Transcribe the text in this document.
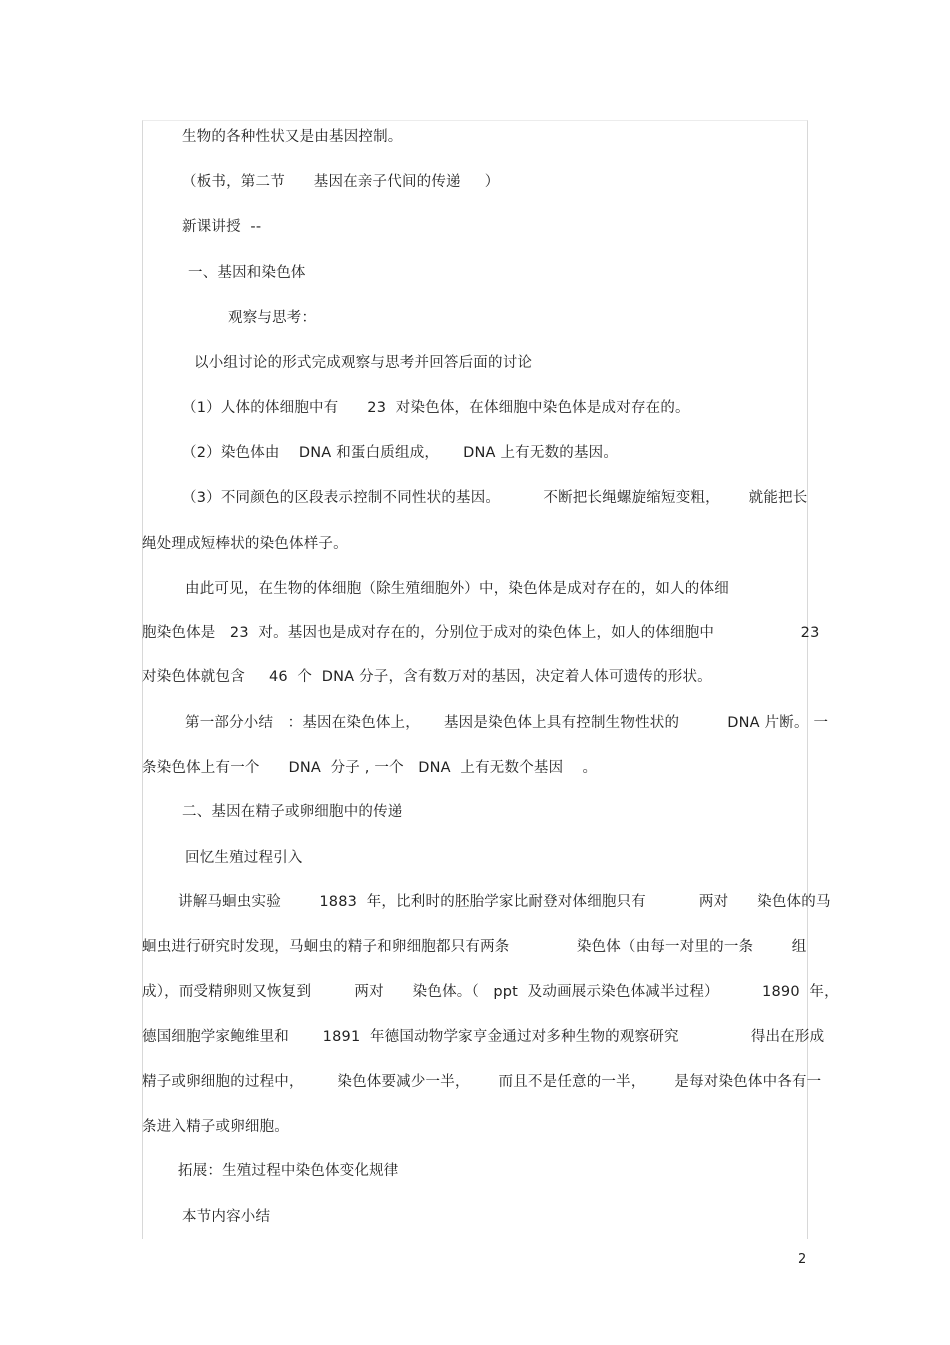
生物的各种性状又是由基因控制。
（板书，第二节      基因在亲子代间的传递     ）
新课讲授  --
一、基因和染色体
观察与思考：
以小组讨论的形式完成观察与思考并回答后面的讨论
（1）人体的体细胞中有      23  对染色体，在体细胞中染色体是成对存在的。
（2）染色体由    DNA 和蛋白质组成，     DNA 上有无数的基因。
（3）不同颜色的区段表示控制不同性状的基因。         不断把长绳螺旋缩短变粗，      就能把长
绳处理成短棒状的染色体样子。
由此可见，在生物的体细胞（除生殖细胞外）中，染色体是成对存在的，如人的体细
胞染色体是   23  对。基因也是成对存在的，分别位于成对的染色体上，如人的体细胞中                  23
对染色体就包含     46  个  DNA 分子，含有数万对的基因，决定着人体可遗传的形状。
第一部分小结   ：基因在染色体上，     基因是染色体上具有控制生物性状的          DNA 片断。 一
条染色体上有一个      DNA  分子 , 一个   DNA  上有无数个基因    。
二、基因在精子或卵细胞中的传递
回忆生殖过程引入
讲解马蛔虫实验        1883  年，比利时的胚胎学家比耐登对体细胞只有           两对      染色体的马
蛔虫进行研究时发现，马蛔虫的精子和卵细胞都只有两条              染色体（由每一对里的一条        组
成），而受精卵则又恢复到         两对      染色体。（   ppt  及动画展示染色体减半过程）         1890  年，
德国细胞学家鲍维里和       1891  年德国动物学家亨金通过对多种生物的观察研究               得出在形成
精子或卵细胞的过程中，       染色体要减少一半，      而且不是任意的一半，      是每对染色体中各有一
条进入精子或卵细胞。
拓展：生殖过程中染色体变化规律
本节内容小结
2
